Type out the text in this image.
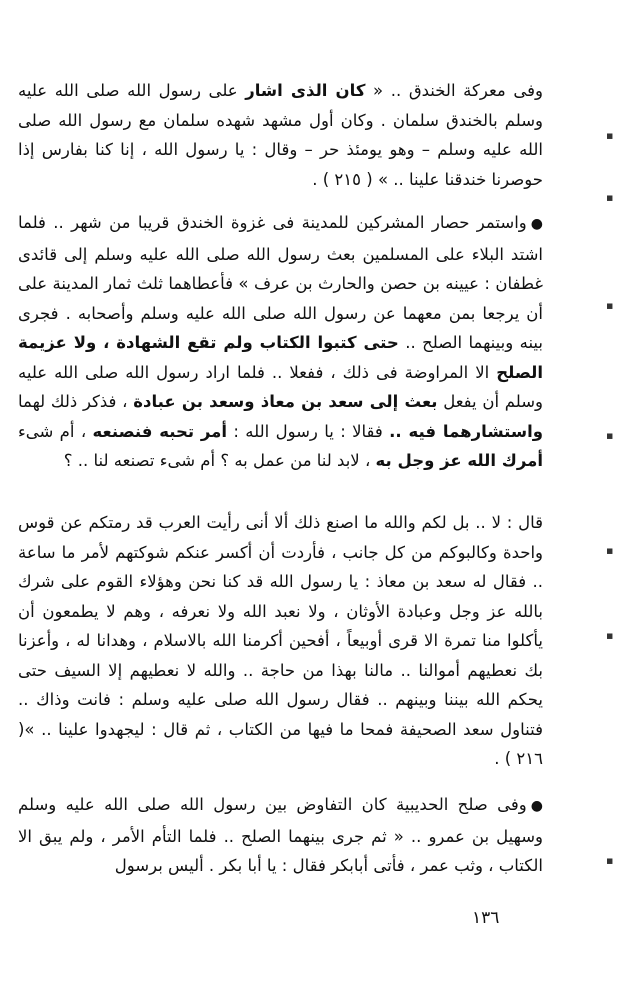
وفى معركة الخندق .. « كان الذى اشار على رسول الله صلى الله عليه وسلم بالخندق سلمان . وكان أول مشهد شهده سلمان مع رسول الله صلى الله عليه وسلم – وهو يومئذ حر – وقال : يا رسول الله ، إنا كنا بفارس إذا حوصرنا خندقنا علينا .. » ( ٢١٥ ) .

●واستمر حصار المشركين للمدينة فى غزوة الخندق قريبا من شهر .. فلما اشتد البلاء على المسلمين بعث رسول الله صلى الله عليه وسلم إلى قائدى غطفان : عيينه بن حصن والحارث بن عرف » فأعطاهما ثلث ثمار المدينة على أن يرجعا بمن معهما عن رسول الله صلى الله عليه وسلم وأصحابه . فجرى بينه وبينهما الصلح .. حتى كتبوا الكتاب ولم تقع الشهادة ، ولا عزيمة الصلح الا المراوضة فى ذلك ، ففعلا .. فلما اراد رسول الله صلى الله عليه وسلم أن يفعل بعث إلى سعد بن معاذ وسعد بن عبادة ، فذكر ذلك لهما واستشارهما فيه .. فقالا : يا رسول الله : أمر تحبه فنصنعه ، أم شىء أمرك الله عز وجل به ، لابد لنا من عمل به ؟ أم شىء تصنعه لنا .. ؟

قال : لا .. بل لكم والله ما اصنع ذلك ألا أنى رأيت العرب قد رمتكم عن قوس واحدة وكالبوكم من كل جانب ، فأردت أن أكسر عنكم شوكتهم لأمر ما ساعة .. فقال له سعد بن معاذ : يا رسول الله قد كنا نحن وهؤلاء القوم على شرك بالله عز وجل وعبادة الأوثان ، ولا نعبد الله ولا نعرفه ، وهم لا يطمعون أن يأكلوا منا تمرة الا قرى أوبيعاً ، أفحين أكرمنا الله بالاسلام ، وهدانا له ، وأعزنا بك نعطيهم أموالنا .. مالنا بهذا من حاجة .. والله لا نعطيهم إلا السيف حتى يحكم الله بيننا وبينهم .. فقال رسول الله صلى عليه وسلم : فانت وذاك .. فتناول سعد الصحيفة فمحا ما فيها من الكتاب ، ثم قال : ليجهدوا علينا .. »( ٢١٦ ) .

●وفى صلح الحديبية كان التفاوض بين رسول الله صلى الله عليه وسلم وسهيل بن عمرو .. « ثم جرى بينهما الصلح .. فلما التأم الأمر ، ولم يبق الا الكتاب ، وثب عمر ، فأتى أبابكر فقال : يا أبا بكر . أليس برسول

▪
▪
▪
▪
▪
▪
▪
١٣٦
